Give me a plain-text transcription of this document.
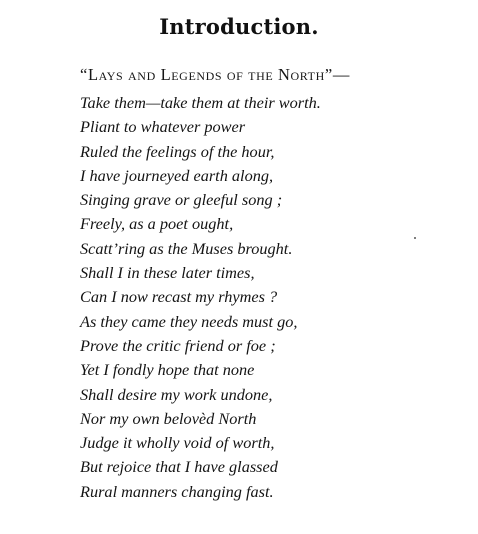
Introduction.
“Lays and Legends of the North”—
Take them—take them at their worth.
Pliant to whatever power
Ruled the feelings of the hour,
I have journeyed earth along,
Singing grave or gleeful song ;
Freely, as a poet ought,
Scatt’ring as the Muses brought.
Shall I in these later times,
Can I now recast my rhymes ?
As they came they needs must go,
Prove the critic friend or foe ;
Yet I fondly hope that none
Shall desire my work undone,
Nor my own belovèd North
Judge it wholly void of worth,
But rejoice that I have glassed
Rural manners changing fast.
